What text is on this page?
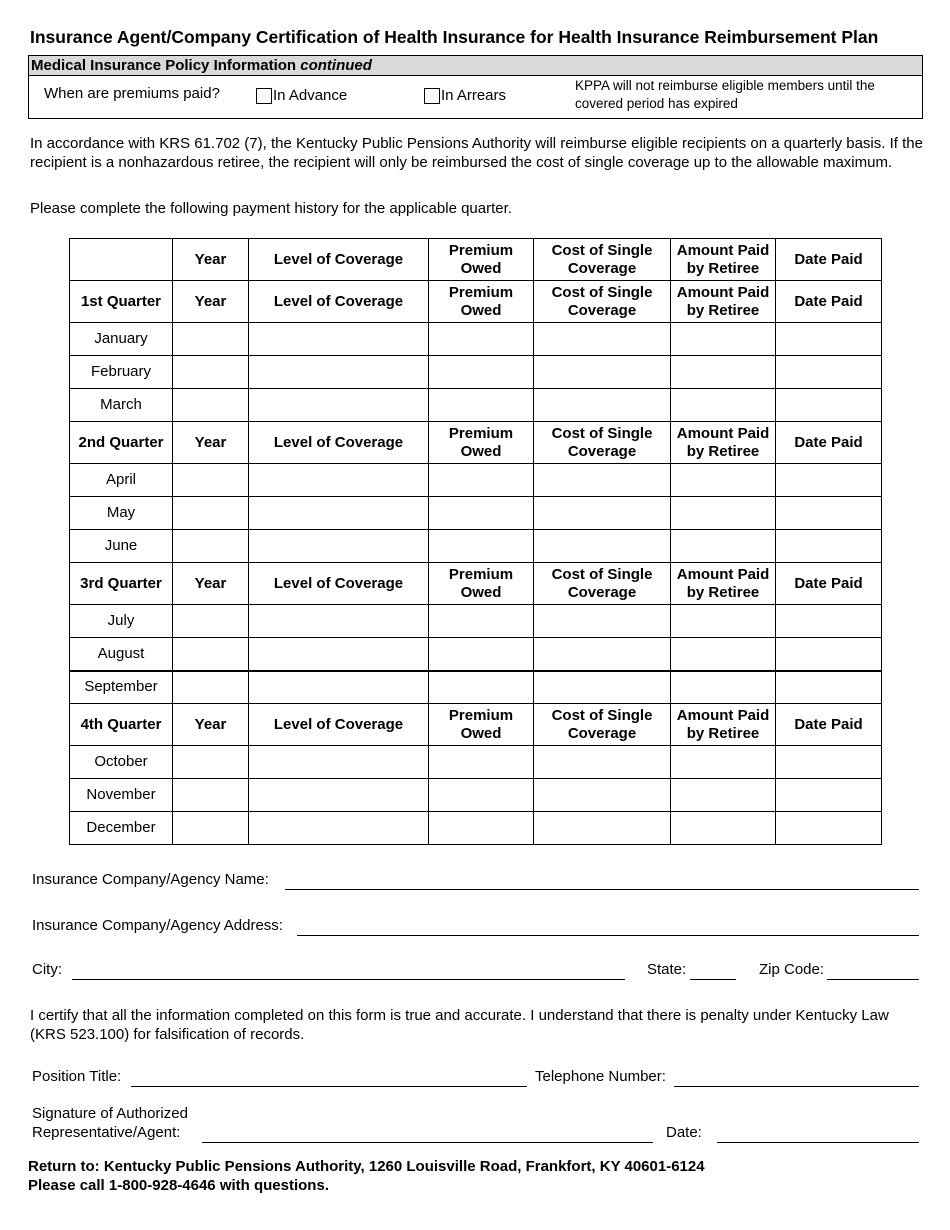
Insurance Agent/Company Certification of Health Insurance for Health Insurance Reimbursement Plan
Medical Insurance Policy Information continued
When are premiums paid?	In Advance	In Arrears
KPPA will not reimburse eligible members until the covered period has expired
In accordance with KRS 61.702 (7), the Kentucky Public Pensions Authority will reimburse eligible recipients on a quarterly basis. If the recipient is a nonhazardous retiree, the recipient will only be reimbursed the cost of single coverage up to the allowable maximum.
Please complete the following payment history for the applicable quarter.
	Year	Level of Coverage	Premium Owed	Cost of Single Coverage	Amount Paid by Retiree	Date Paid
1st Quarter	Year	Level of Coverage	Premium Owed	Cost of Single Coverage	Amount Paid by Retiree	Date Paid
January						
February						
March						
2nd Quarter	Year	Level of Coverage	Premium Owed	Cost of Single Coverage	Amount Paid by Retiree	Date Paid
April						
May						
June						
3rd Quarter	Year	Level of Coverage	Premium Owed	Cost of Single Coverage	Amount Paid by Retiree	Date Paid
July						
August						
September						
4th Quarter	Year	Level of Coverage	Premium Owed	Cost of Single Coverage	Amount Paid by Retiree	Date Paid
October						
November						
December						
Insurance Company/Agency Name:
Insurance Company/Agency Address:
City:	State:	Zip Code:
I certify that all the information completed on this form is true and accurate. I understand that there is penalty under Kentucky Law (KRS 523.100) for falsification of records.
Position Title:	Telephone Number:
Signature of Authorized
Representative/Agent:	Date:
Return to: Kentucky Public Pensions Authority, 1260 Louisville Road, Frankfort, KY 40601-6124
Please call 1-800-928-4646 with questions.
